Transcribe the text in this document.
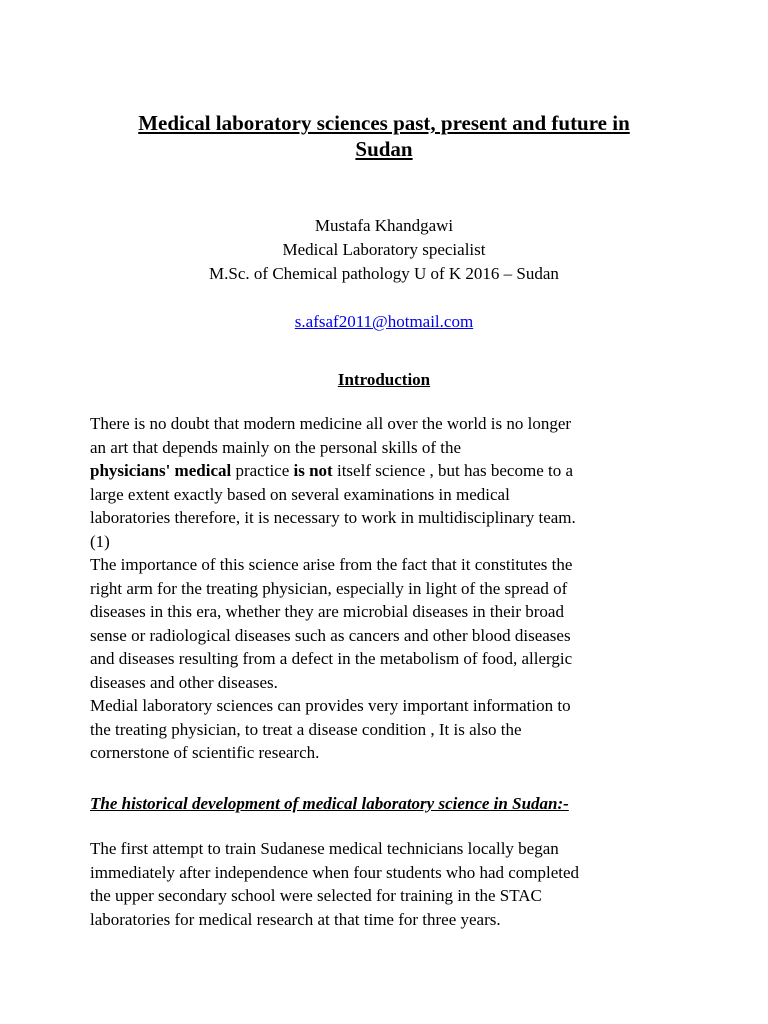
Medical laboratory sciences past, present and future in
Sudan
Mustafa Khandgawi
Medical Laboratory specialist
M.Sc. of Chemical pathology U of K 2016 – Sudan
s.afsaf2011@hotmail.com
Introduction
There is no doubt that modern medicine all over the world is no longer
an art that depends mainly on the personal skills of the
physicians' medical practice is not itself science , but has become to a
large extent exactly based on several examinations in medical
laboratories therefore, it is necessary to work in multidisciplinary team.
(1)
The importance of this science arise from the fact that it constitutes the
right arm for the treating physician, especially in light of the spread of
diseases in this era, whether they are microbial diseases in their broad
sense or radiological diseases such as cancers and other blood diseases
and diseases resulting from a defect in the metabolism of food, allergic
diseases and other diseases.
Medial laboratory sciences can provides very important information to
the treating physician, to treat a disease condition , It is also the
cornerstone of scientific research.
The historical development of medical laboratory science in Sudan:-
The first attempt to train Sudanese medical technicians locally began
immediately after independence when four students who had completed
the upper secondary school were selected for training in the STAC
laboratories for medical research at that time for three years.
